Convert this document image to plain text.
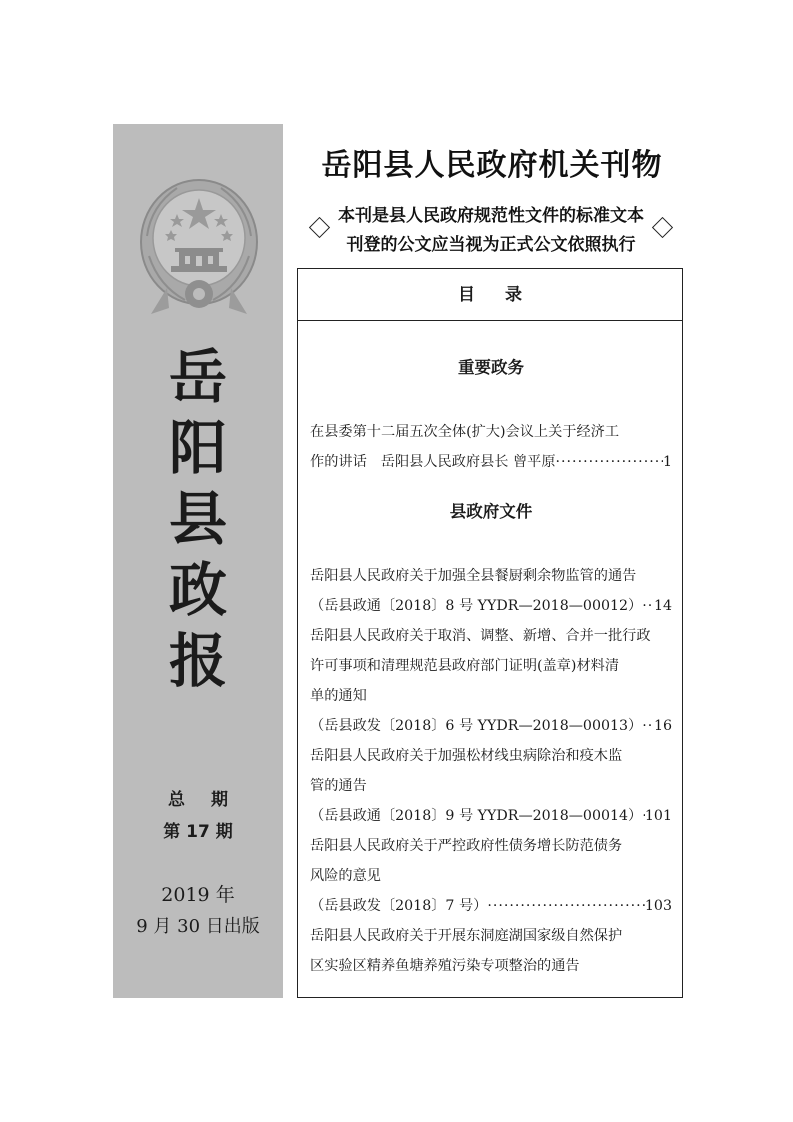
岳
阳
县
政
报
总 期
第 17 期
2019 年
9 月 30 日出版
岳阳县人民政府机关刊物
本刊是县人民政府规范性文件的标准文本
刊登的公文应当视为正式公文依照执行
目录
重要政务
在县委第十二届五次全体(扩大)会议上关于经济工
作的讲话 岳阳县人民政府县长 曾平原 ·····	1
县政府文件
岳阳县人民政府关于加强全县餐厨剩余物监管的通告
（岳县政通〔2018〕8 号 YYDR—2018—00012） ····· 14
岳阳县人民政府关于取消、调整、新增、合并一批行政
许可事项和清理规范县政府部门证明(盖章)材料清
单的通知
（岳县政发〔2018〕6 号 YYDR—2018—00013） ····· 16
岳阳县人民政府关于加强松材线虫病除治和疫木监
管的通告
（岳县政通〔2018〕9 号 YYDR—2018—00014） ····· 101
岳阳县人民政府关于严控政府性债务增长防范债务
风险的意见
（岳县政发〔2018〕7 号） ·····	103
岳阳县人民政府关于开展东洞庭湖国家级自然保护
区实验区精养鱼塘养殖污染专项整治的通告
